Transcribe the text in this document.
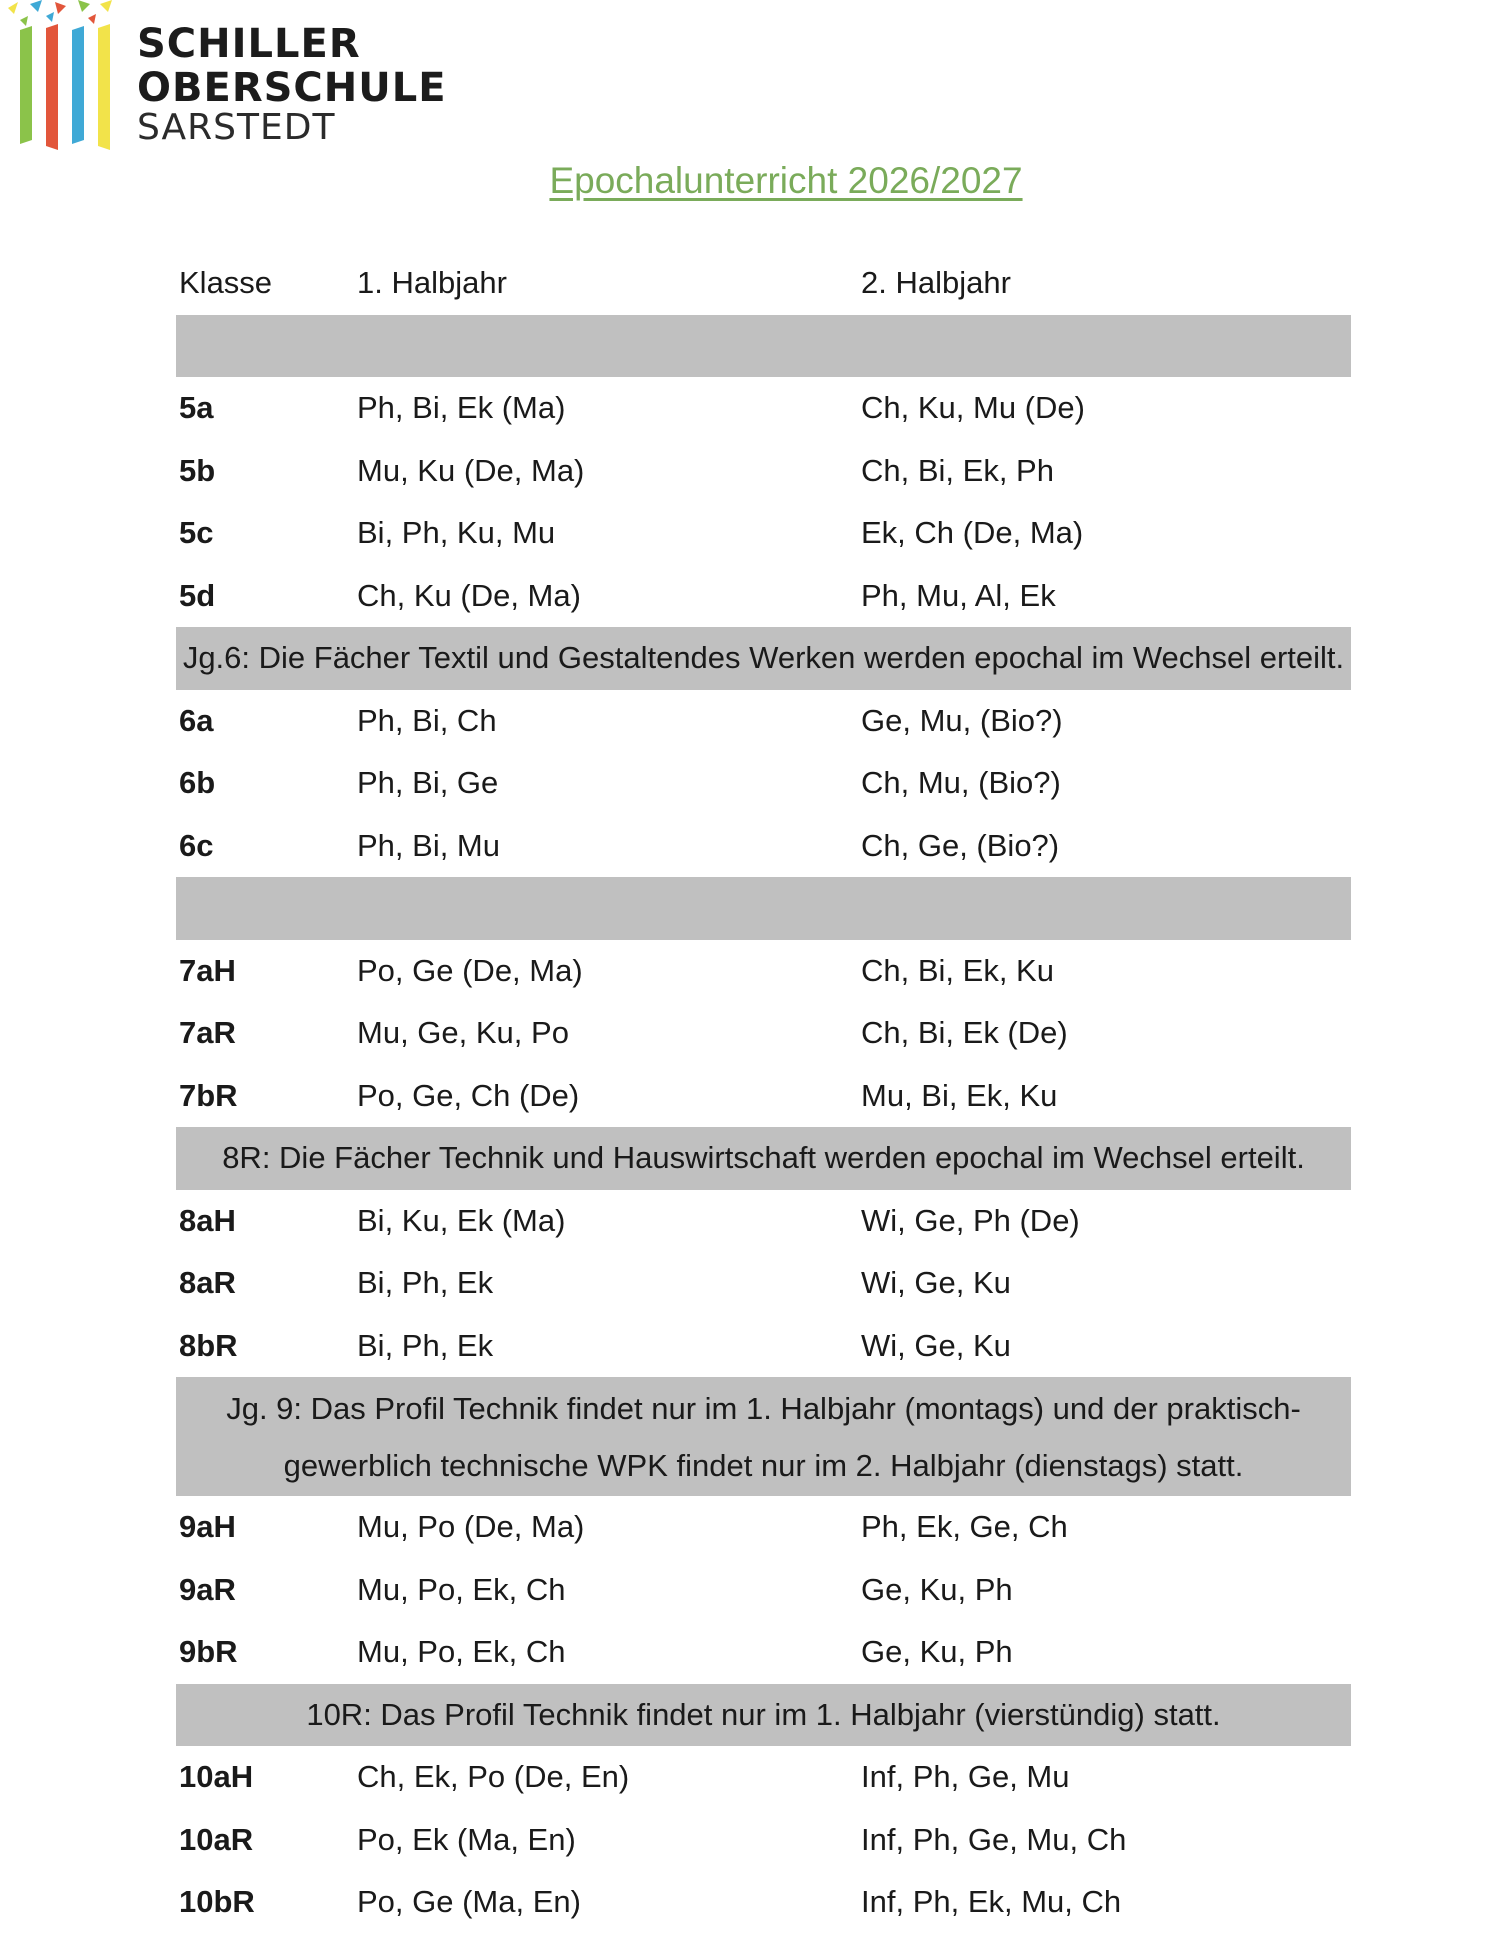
SCHILLER
OBERSCHULE
SARSTEDT
Epochalunterricht 2026/2027
Klasse	1. Halbjahr	2. Halbjahr
5a	Ph, Bi, Ek (Ma)	Ch, Ku, Mu (De)
5b	Mu, Ku (De, Ma)	Ch, Bi, Ek, Ph
5c	Bi, Ph, Ku, Mu	Ek, Ch (De, Ma)
5d	Ch, Ku (De, Ma)	Ph, Mu, Al, Ek
Jg.6: Die Fächer Textil und Gestaltendes Werken werden epochal im Wechsel erteilt.
6a	Ph, Bi, Ch	Ge, Mu, (Bio?)
6b	Ph, Bi, Ge	Ch, Mu, (Bio?)
6c	Ph, Bi, Mu	Ch, Ge, (Bio?)
7aH	Po, Ge (De, Ma)	Ch, Bi, Ek, Ku
7aR	Mu, Ge, Ku, Po	Ch, Bi, Ek (De)
7bR	Po, Ge, Ch (De)	Mu, Bi, Ek, Ku
8R: Die Fächer Technik und Hauswirtschaft werden epochal im Wechsel erteilt.
8aH	Bi, Ku, Ek (Ma)	Wi, Ge, Ph (De)
8aR	Bi, Ph, Ek	Wi, Ge, Ku
8bR	Bi, Ph, Ek	Wi, Ge, Ku
Jg. 9: Das Profil Technik findet nur im 1. Halbjahr (montags) und der praktisch-gewerblich technische WPK findet nur im 2. Halbjahr (dienstags) statt.
9aH	Mu, Po (De, Ma)	Ph, Ek, Ge, Ch
9aR	Mu, Po, Ek, Ch	Ge, Ku, Ph
9bR	Mu, Po, Ek, Ch	Ge, Ku, Ph
10R: Das Profil Technik findet nur im 1. Halbjahr (vierstündig) statt.
10aH	Ch, Ek, Po (De, En)	Inf, Ph, Ge, Mu
10aR	Po, Ek (Ma, En)	Inf, Ph, Ge, Mu, Ch
10bR	Po, Ge (Ma, En)	Inf, Ph, Ek, Mu, Ch
